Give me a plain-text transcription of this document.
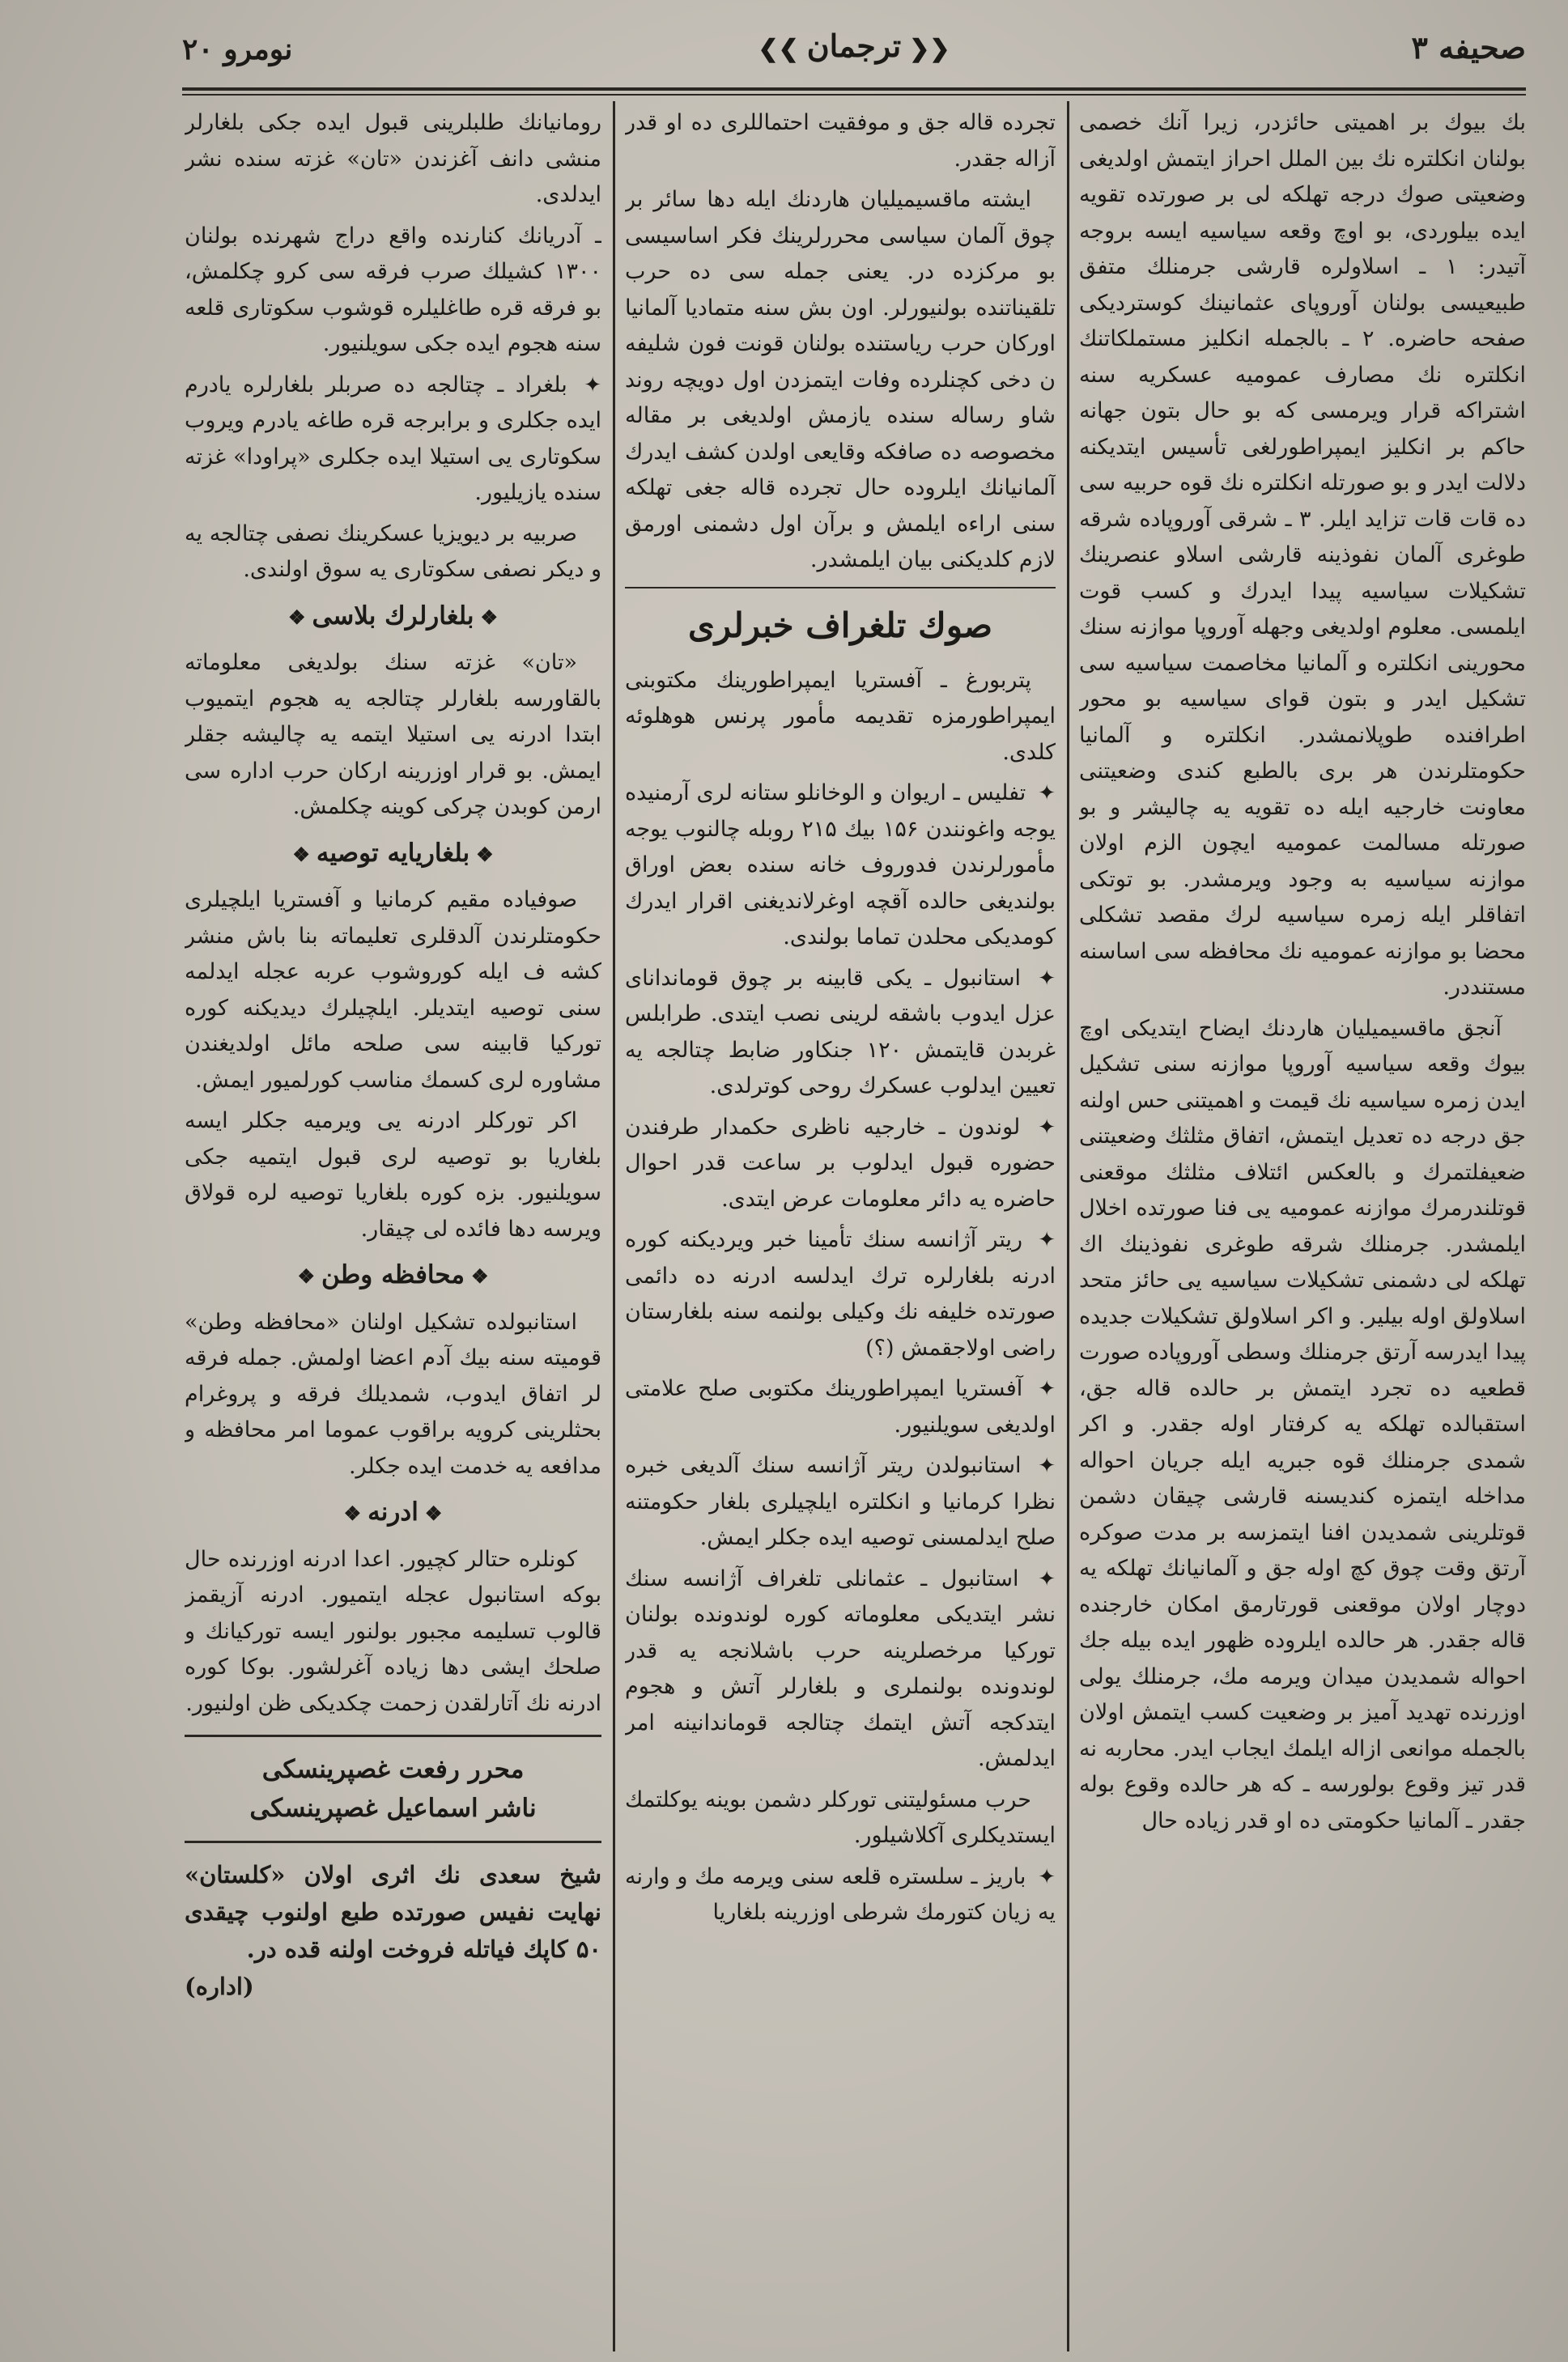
صحیفه ۳
❮❮ترجمان❯❯
نومرو ۲۰

بك بيوك بر اهميتى حائزدر، زيرا آنك خصمى بولنان انكلتره نك بين الملل احراز ايتمش اولديغى وضعيتى صوك درجه تهلكه لى بر صورتده تقويه ايده بيلوردى، بو اوچ وقعه سياسيه ايسه بروجه آتيدر: ۱ ـ اسلاولره قارشى جرمنلك متفق طبيعيسى بولنان آوروپاى عثمانينك كوستردیكى صفحه حاضره. ۲ ـ بالجمله انكليز مستملكاتنك انكلتره نك مصارف عموميه عسكريه سنه اشتراكه قرار ويرمسى كه بو حال بتون جهانه حاكم بر انكليز ايمپراطورلغى تأسيس ايتديكنه دلالت ايدر و بو صورتله انكلتره نك قوه حربيه سى ده قات قات تزايد ايلر. ۳ ـ شرقى آوروپاده شرقه طوغرى آلمان نفوذينه قارشى اسلاو عنصرينك تشكيلات سياسيه پيدا ايدرك و كسب قوت ايلمسى. معلوم اولديغى وجهله آوروپا موازنه سنك محورينى انكلتره و آلمانيا مخاصمت سياسيه سى تشكيل ايدر و بتون قواى سياسيه بو محور اطرافنده طوپلانمشدر. انكلتره و آلمانيا حكومتلرندن هر برى بالطبع كندى وضعيتنى معاونت خارجيه ايله ده تقويه يه چاليشر و بو صورتله مسالمت عموميه ايچون الزم اولان موازنه سياسيه به وجود ويرمشدر. بو توتكى اتفاقلر ايله زمره سياسيه لرك مقصد تشكلى محضا بو موازنه عموميه نك محافظه سى اساسنه مستنددر.

آنجق ماقسيميليان هاردنك ايضاح ايتديكى اوچ بيوك وقعه سياسيه آوروپا موازنه سنى تشكيل ايدن زمره سياسيه نك قيمت و اهميتنى حس اولنه جق درجه ده تعديل ايتمش، اتفاق مثلثك وضعيتنى ضعيفلتمرك و بالعكس ائتلاف مثلثك موقعنى قوتلندرمرك موازنه عموميه يى فنا صورتده اخلال ايلمشدر. جرمنلك شرقه طوغرى نفوذينك اك تهلكه لى دشمنى تشكيلات سياسيه يى حائز متحد اسلاولق اوله بيلير. و اكر اسلاولق تشكيلات جديده پيدا ايدرسه آرتق جرمنلك وسطى آوروپاده صورت قطعيه ده تجرد ايتمش بر حالده قاله جق، استقبالده تهلكه يه كرفتار اوله جقدر. و اكر شمدى جرمنلك قوه جبريه ايله جريان احواله مداخله ايتمزه كنديسنه قارشى چيقان دشمن قوتلرينى شمديدن افنا ايتمزسه بر مدت صوكره آرتق وقت چوق كچ اوله جق و آلمانيانك تهلكه يه دوچار اولان موقعنى قورتارمق امكان خارجنده قاله جقدر. هر حالده ايلروده ظهور ايده بيله جك احواله شمديدن ميدان ويرمه مك، جرمنلك يولى اوزرنده تهديد آميز بر وضعيت كسب ايتمش اولان بالجمله موانعى ازاله ايلمك ايجاب ايدر. محاربه نه قدر تيز وقوع بولورسه ـ كه هر حالده وقوع بوله جقدر ـ آلمانيا حكومتى ده او قدر زياده حال

تجرده قاله جق و موفقيت احتماللرى ده او قدر آزاله جقدر.

ايشته ماقسيميليان هاردنك ايله دها سائر بر چوق آلمان سياسى محررلرينك فكر اساسيسى بو مركزده در. يعنى جمله سى ده حرب تلقيناتنده بولنيورلر. اون بش سنه متماديا آلمانيا اوركان حرب رياستنده بولنان قونت فون شليفه ن دخى كچنلرده وفات ايتمزدن اول دويچه روند شاو رساله سنده يازمش اولديغى بر مقاله مخصوصه ده صافكه وقايعى اولدن كشف ايدرك آلمانيانك ايلروده حال تجرده قاله جغى تهلكه سنى اراءه ايلمش و برآن اول دشمنى اورمق لازم كلديكنى بيان ايلمشدر.

صوك تلغراف خبرلرى

پتربورغ ـ آفستريا ايمپراطورينك مكتوبنى ايمپراطورمزه تقديمه مأمور پرنس هوهلوئه كلدى.

✦ تفليس ـ اريوان و الوخانلو ستانه لرى آرمنيده يوجه واغونندن ۱۵۶ بيك ۲۱۵ روبله چالنوب يوجه مأمورلرندن فدوروف خانه سنده بعض اوراق بولنديغى حالده آقچه اوغرلانديغنى اقرار ايدرك كومديكى محلدن تماما بولندى.

✦ استانبول ـ يكى قابينه بر چوق قومانداناى عزل ايدوب باشقه لرينى نصب ايتدى. طرابلس غربدن قايتمش ۱۲۰ جنكاور ضابط چتالجه يه تعيين ايدلوب عسكرك روحى كوترلدى.

✦ لوندون ـ خارجيه ناظرى حكمدار طرفندن حضوره قبول ايدلوب بر ساعت قدر احوال حاضره يه دائر معلومات عرض ايتدى.

✦ ريتر آژانسه سنك تأمينا خبر ويرديكنه كوره ادرنه بلغارلره ترك ايدلسه ادرنه ده دائمى صورتده خليفه نك وكيلى بولنمه سنه بلغارستان راضى اولاجقمش (؟)

✦ آفستريا ايمپراطورينك مكتوبى صلح علامتى اولديغى سويلنيور.

✦ استانبولدن ريتر آژانسه سنك آلديغى خبره نظرا كرمانيا و انكلتره ايلچيلرى بلغار حكومتنه صلح ايدلمسنى توصيه ايده جكلر ايمش.

✦ استانبول ـ عثمانلى تلغراف آژانسه سنك نشر ايتديكى معلوماته كوره لوندونده بولنان توركيا مرخصلرينه حرب باشلانجه يه قدر لوندونده بولنملرى و بلغارلر آتش و هجوم ايتدكجه آتش ايتمك چتالجه قوماندانينه امر ايدلمش.

حرب مسئوليتنى توركلر دشمن بوينه يوكلتمك ايستديكلرى آكلاشيلور.

✦ باريز ـ سلستره قلعه سنى ويرمه مك و وارنه يه زيان كتورمك شرطى اوزرينه بلغاريا

رومانيانك طلبلرينى قبول ايده جكى بلغارلر منشى دانف آغزندن «تان» غزته سنده نشر ايدلدى.

ـ آدريانك كنارنده واقع دراج شهرنده بولنان ۱۳۰۰ كشيلك صرب فرقه سى كرو چكلمش، بو فرقه قره طاغليلره قوشوب سكوتارى قلعه سنه هجوم ايده جكى سويلنيور.

✦ بلغراد ـ چتالجه ده صربلر بلغارلره يادرم ايده جكلرى و برابرجه قره طاغه يادرم ويروب سكوتارى يى استيلا ايده جكلرى «پراودا» غزته سنده يازيليور.

صربيه بر ديويزيا عسكرينك نصفى چتالجه يه و ديكر نصفى سكوتارى يه سوق اولندى.

❖بلغارلرك بلاسى❖

«تان» غزته سنك بولديغى معلوماته بالقاورسه بلغارلر چتالجه يه هجوم ايتميوب ابتدا ادرنه يى استيلا ايتمه يه چاليشه جقلر ايمش. بو قرار اوزرينه اركان حرب اداره سى ارمن كوبدن چركى كوينه چكلمش.

❖بلغاريايه توصيه❖

صوفياده مقيم كرمانيا و آفستريا ايلچيلرى حكومتلرندن آلدقلرى تعليماته بنا باش منشر كشه ف ايله كوروشوب عربه عجله ايدلمه سنى توصيه ايتديلر. ايلچيلرك ديديكنه كوره توركيا قابينه سى صلحه مائل اولديغندن مشاوره لرى كسمك مناسب كورلميور ايمش.

اكر توركلر ادرنه يى ويرميه جكلر ايسه بلغاريا بو توصيه لرى قبول ايتميه جكى سويلنيور. بزه كوره بلغاريا توصيه لره قولاق ويرسه دها فائده لى چيقار.

❖محافظه وطن❖

استانبولده تشكيل اولنان «محافظه وطن» قوميته سنه بيك آدم اعضا اولمش. جمله فرقه لر اتفاق ايدوب، شمديلك فرقه و پروغرام بحثلرينى كرويه براقوب عموما امر محافظه و مدافعه يه خدمت ايده جكلر.

❖ادرنه❖

كونلره حتالر كچيور. اعدا ادرنه اوزرنده حال بوكه استانبول عجله ايتميور. ادرنه آزيقمز قالوب تسليمه مجبور بولنور ايسه توركيانك و صلحك ايشى دها زياده آغرلشور. بوكا كوره ادرنه نك آتارلقدن زحمت چكديكى ظن اولنيور.

محرر رفعت غصپرينسكى
ناشر اسماعيل غصپرينسكى
شيخ سعدى نك اثرى اولان «كلستان» نهايت نفيس صورتده طبع اولنوب چيقدى ۵۰ كاپك فياتله فروخت اولنه قده در.
(اداره)
